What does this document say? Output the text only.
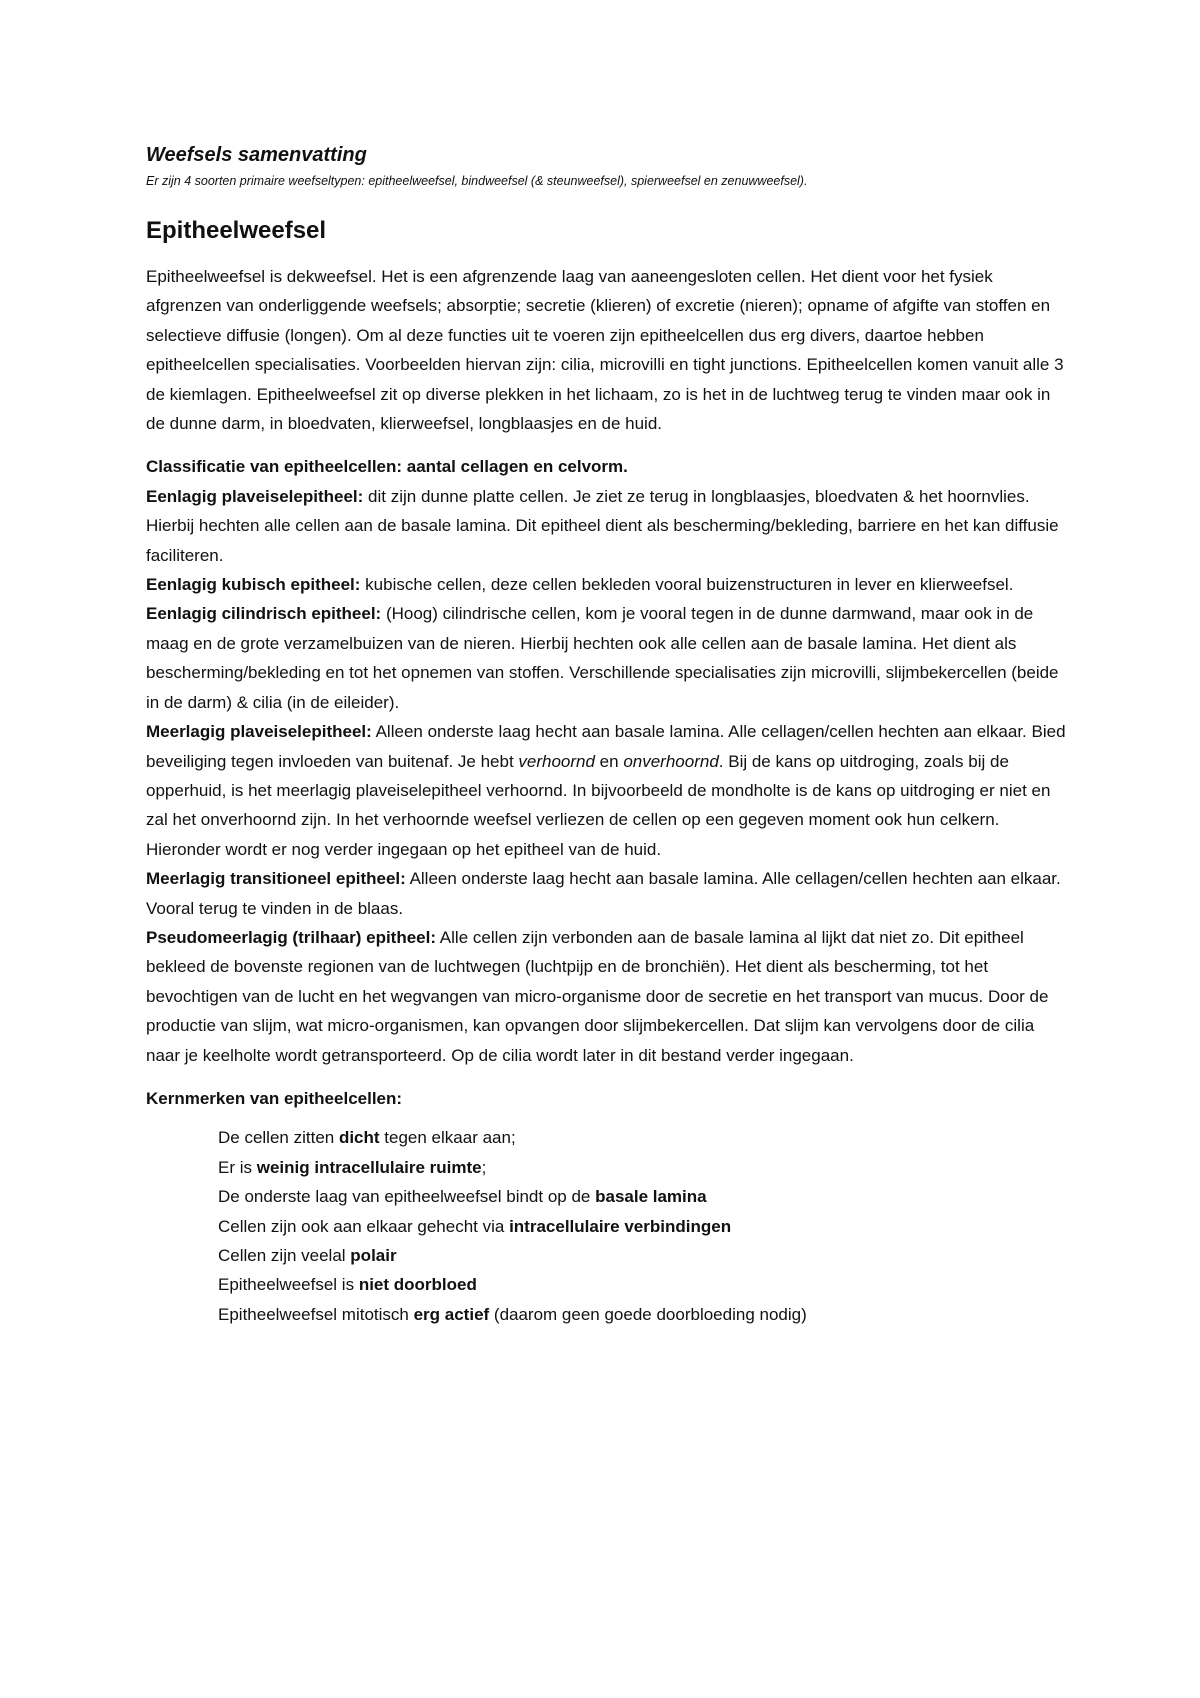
Weefsels samenvatting

Er zijn 4 soorten primaire weefseltypen: epitheelweefsel, bindweefsel (& steunweefsel), spierweefsel en zenuwweefsel).

Epitheelweefsel

Epitheelweefsel is dekweefsel. Het is een afgrenzende laag van aaneengesloten cellen. Het dient voor het fysiek afgrenzen van onderliggende weefsels; absorptie; secretie (klieren) of excretie (nieren); opname of afgifte van stoffen en selectieve diffusie (longen). Om al deze functies uit te voeren zijn epitheelcellen dus erg divers, daartoe hebben epitheelcellen specialisaties. Voorbeelden hiervan zijn: cilia, microvilli en tight junctions. Epitheelcellen komen vanuit alle 3 de kiemlagen. Epitheelweefsel zit op diverse plekken in het lichaam, zo is het in de luchtweg terug te vinden maar ook in de dunne darm, in bloedvaten, klierweefsel, longblaasjes en de huid.

Classificatie van epitheelcellen: aantal cellagen en celvorm.

Eenlagig plaveiselepitheel: dit zijn dunne platte cellen. Je ziet ze terug in longblaasjes, bloedvaten & het hoornvlies. Hierbij hechten alle cellen aan de basale lamina. Dit epitheel dient als bescherming/bekleding, barriere en het kan diffusie faciliteren.

Eenlagig kubisch epitheel: kubische cellen, deze cellen bekleden vooral buizenstructuren in lever en klierweefsel.

Eenlagig cilindrisch epitheel: (Hoog) cilindrische cellen, kom je vooral tegen in de dunne darmwand, maar ook in de maag en de grote verzamelbuizen van de nieren. Hierbij hechten ook alle cellen aan de basale lamina. Het dient als bescherming/bekleding en tot het opnemen van stoffen. Verschillende specialisaties zijn microvilli, slijmbekercellen (beide in de darm) & cilia (in de eileider).

Meerlagig plaveiselepitheel: Alleen onderste laag hecht aan basale lamina. Alle cellagen/cellen hechten aan elkaar. Bied beveiliging tegen invloeden van buitenaf. Je hebt verhoornd en onverhoornd. Bij de kans op uitdroging, zoals bij de opperhuid, is het meerlagig plaveiselepitheel verhoornd. In bijvoorbeeld de mondholte is de kans op uitdroging er niet en zal het onverhoornd zijn. In het verhoornde weefsel verliezen de cellen op een gegeven moment ook hun celkern. Hieronder wordt er nog verder ingegaan op het epitheel van de huid.

Meerlagig transitioneel epitheel: Alleen onderste laag hecht aan basale lamina. Alle cellagen/cellen hechten aan elkaar. Vooral terug te vinden in de blaas.

Pseudomeerlagig (trilhaar) epitheel: Alle cellen zijn verbonden aan de basale lamina al lijkt dat niet zo. Dit epitheel bekleed de bovenste regionen van de luchtwegen (luchtpijp en de bronchiën). Het dient als bescherming, tot het bevochtigen van de lucht en het wegvangen van micro-organisme door de secretie en het transport van mucus. Door de productie van slijm, wat micro-organismen, kan opvangen door slijmbekercellen. Dat slijm kan vervolgens door de cilia naar je keelholte wordt getransporteerd. Op de cilia wordt later in dit bestand verder ingegaan.

Kernmerken van epitheelcellen:

De cellen zitten dicht tegen elkaar aan;
Er is weinig intracellulaire ruimte;
De onderste laag van epitheelweefsel bindt op de basale lamina
Cellen zijn ook aan elkaar gehecht via intracellulaire verbindingen
Cellen zijn veelal polair
Epitheelweefsel is niet doorbloed
Epitheelweefsel mitotisch erg actief (daarom geen goede doorbloeding nodig)
